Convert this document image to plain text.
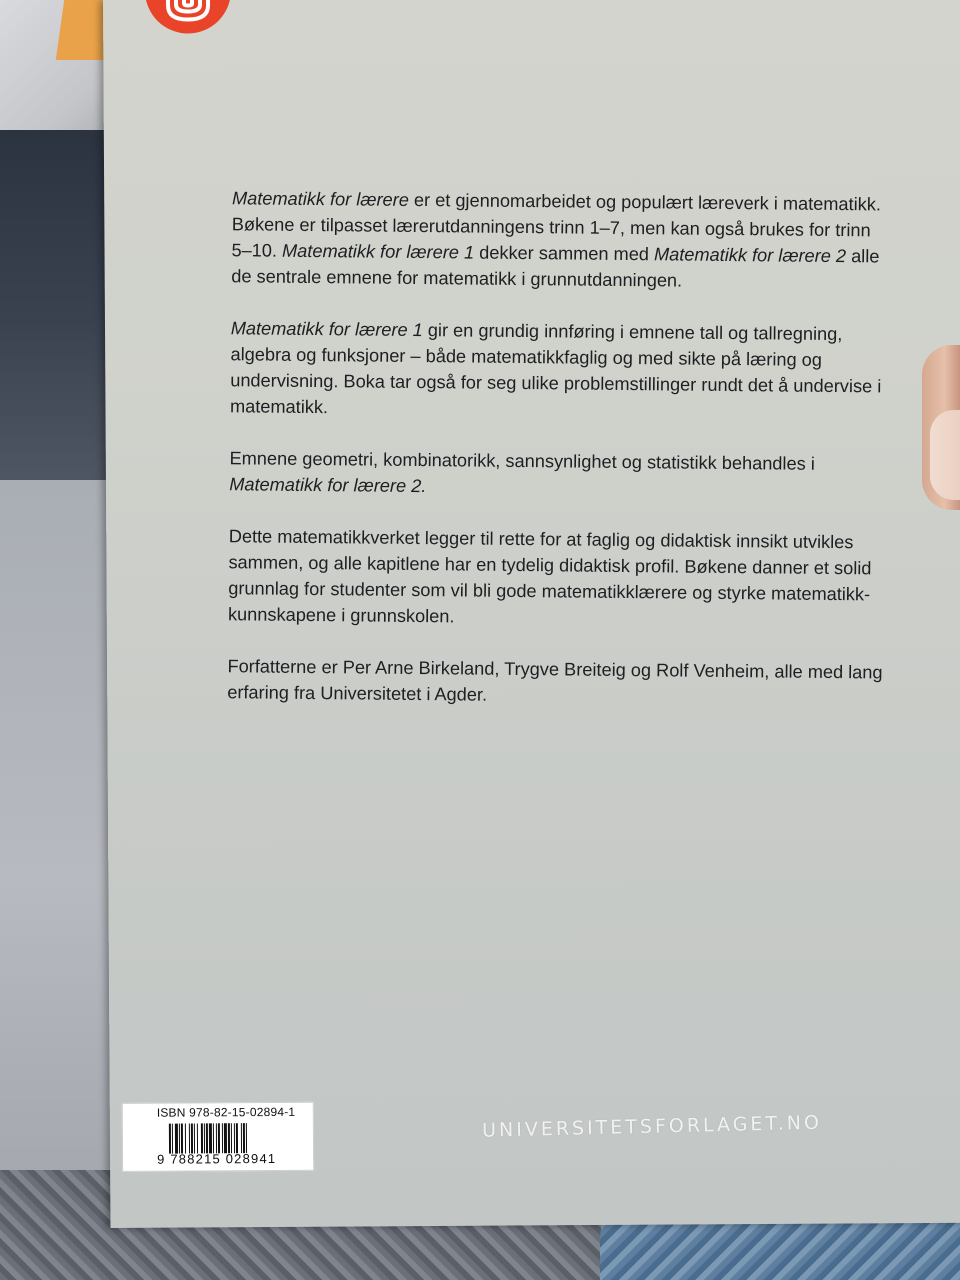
Matematikk for lærere er et gjennomarbeidet og populært læreverk i matematikk. Bøkene er tilpasset lærerutdanningens trinn 1–7, men kan også brukes for trinn 5–10. Matematikk for lærere 1 dekker sammen med Matematikk for lærere 2 alle de sentrale emnene for matematikk i grunnutdanningen.

Matematikk for lærere 1 gir en grundig innføring i emnene tall og tallregning, algebra og funksjoner – både matematikkfaglig og med sikte på læring og undervisning. Boka tar også for seg ulike problemstillinger rundt det å undervise i matematikk.

Emnene geometri, kombinatorikk, sannsynlighet og statistikk behandles i Matematikk for lærere 2.

Dette matematikkverket legger til rette for at faglig og didaktisk innsikt utvikles sammen, og alle kapitlene har en tydelig didaktisk profil. Bøkene danner et solid grunnlag for studenter som vil bli gode matematikklærere og styrke matematikk-kunnskapene i grunnskolen.

Forfatterne er Per Arne Birkeland, Trygve Breiteig og Rolf Venheim, alle med lang erfaring fra Universitetet i Agder.

ISBN 978-82-15-02894-1
9 788215 028941
UNIVERSITETSFORLAGET.NO
